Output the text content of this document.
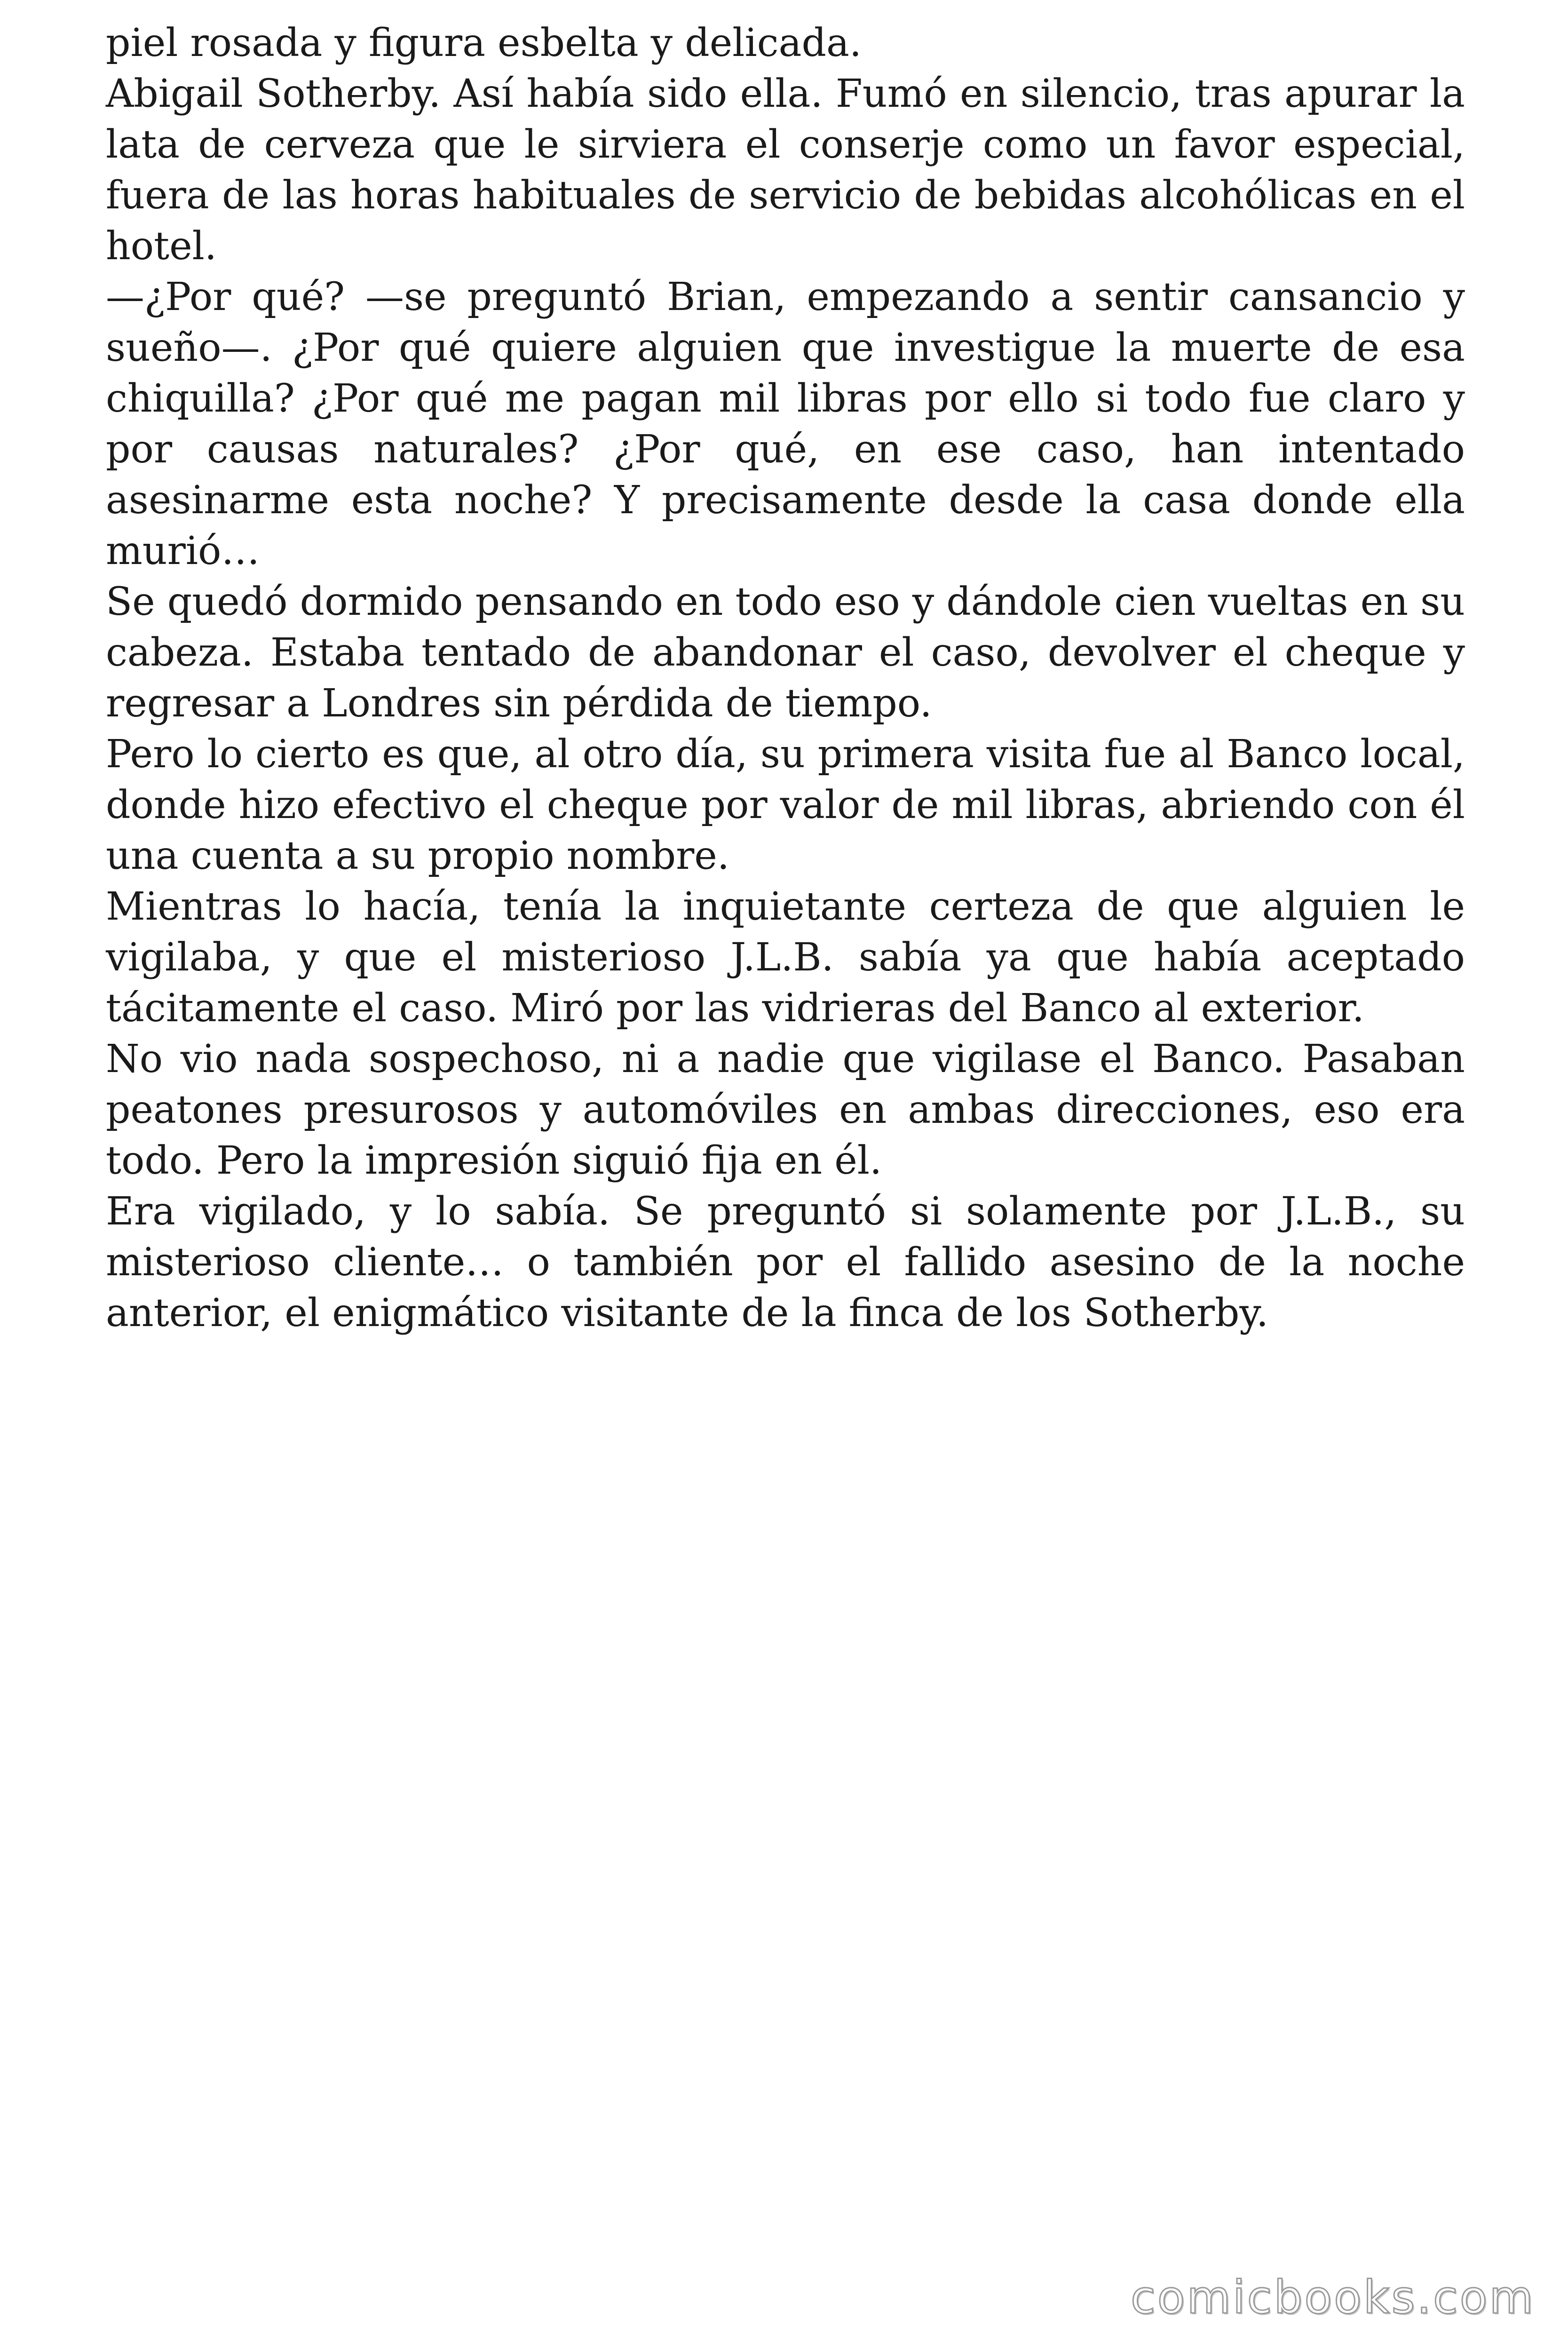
piel rosada y figura esbelta y delicada.

Abigail Sotherby. Así había sido ella. Fumó en silencio, tras apurar la lata de cerveza que le sirviera el conserje como un favor especial, fuera de las horas habituales de servicio de bebidas alcohólicas en el hotel.

—¿Por qué? —se preguntó Brian, empezando a sentir cansancio y sueño—. ¿Por qué quiere alguien que investigue la muerte de esa chiquilla? ¿Por qué me pagan mil libras por ello si todo fue claro y por causas naturales? ¿Por qué, en ese caso, han intentado asesinarme esta noche? Y precisamente desde la casa donde ella murió…

Se quedó dormido pensando en todo eso y dándole cien vueltas en su cabeza. Estaba tentado de abandonar el caso, devolver el cheque y regresar a Londres sin pérdida de tiempo.

Pero lo cierto es que, al otro día, su primera visita fue al Banco local, donde hizo efectivo el cheque por valor de mil libras, abriendo con él una cuenta a su propio nombre.

Mientras lo hacía, tenía la inquietante certeza de que alguien le vigilaba, y que el misterioso J.L.B. sabía ya que había aceptado tácitamente el caso. Miró por las vidrieras del Banco al exterior.

No vio nada sospechoso, ni a nadie que vigilase el Banco. Pasaban peatones presurosos y automóviles en ambas direcciones, eso era todo. Pero la impresión siguió fija en él.

Era vigilado, y lo sabía. Se preguntó si solamente por J.L.B., su misterioso cliente… o también por el fallido asesino de la noche anterior, el enigmático visitante de la finca de los Sotherby.

comicbooks.com
